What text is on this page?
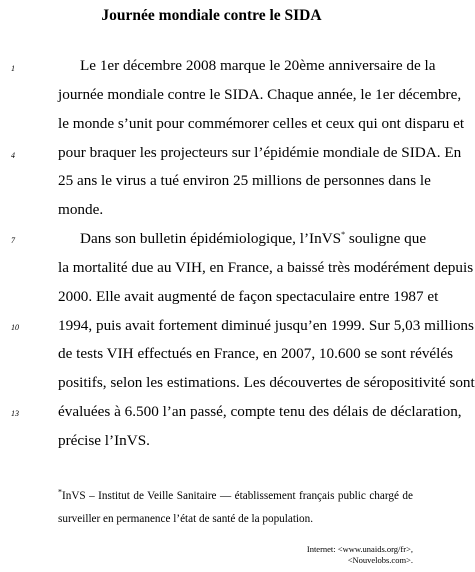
Journée mondiale contre le SIDA
1
4
7
10
13
Le 1er décembre 2008 marque le 20ème anniversaire de la
journée mondiale contre le SIDA. Chaque année, le 1er décembre,
le monde s’unit pour commémorer celles et ceux qui ont disparu et
pour braquer les projecteurs sur l’épidémie mondiale de SIDA. En
25 ans le virus a tué environ 25 millions de personnes dans le
monde.
Dans son bulletin épidémiologique, l’InVS* souligne que
la mortalité due au VIH, en France, a baissé très modérément depuis
2000. Elle avait augmenté de façon spectaculaire entre 1987 et
1994, puis avait fortement diminué jusqu’en 1999. Sur 5,03 millions
de tests VIH effectués en France, en 2007, 10.600 se sont révélés
positifs, selon les estimations. Les découvertes de séropositivité sont
évaluées à 6.500 l’an passé, compte tenu des délais de déclaration,
précise l’InVS.
*InVS – Institut de Veille Sanitaire — établissement français public chargé de
surveiller en permanence l’état de santé de la population.
Internet: <www.unaids.org/fr>,
<Nouvelobs.com>.
